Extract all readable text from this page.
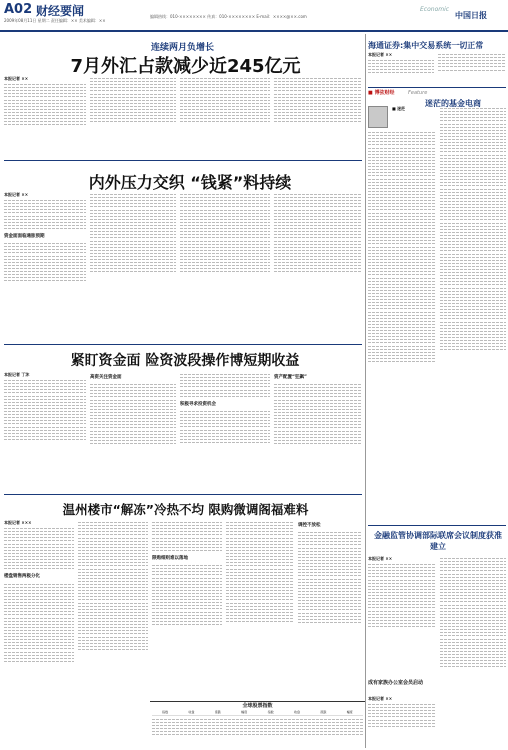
A02 财经要闻
2009年08月11日 星期二 责任编辑：×× 美术编辑：××
编辑热线：010-×××××××× 传真：010-×××××××× E-mail：××××@××.com
Economic
中国日报
连续两月负增长
7月外汇占款减少近245亿元
本报记者 ××
内外压力交织 “钱紧”料持续
本报记者 ××
资金面面临通胀预期
紧盯资金面 险资波段操作博短期收益
本报记者 丁沐
高资关注资金面
积极寻求投资机会
资产配置“狂飙”
温州楼市“解冻”冷热不均 限购微调阁福难料
本报记者 ×××
楼盘销售两极分化
限购细则难以落地
调控不放松
全球股票指数
指数	收盘	涨跌	幅度	指数	收盘	涨跌	幅度
海通证券:集中交易系统一切正常
本报记者 ××
■ 博弦财经	Feature
迷茫的基金电商
■ 迷茫
金融监管协调部际联席会议制度获准建立
本报记者 ××
成有家族办公室会员启动
本报记者 ××
